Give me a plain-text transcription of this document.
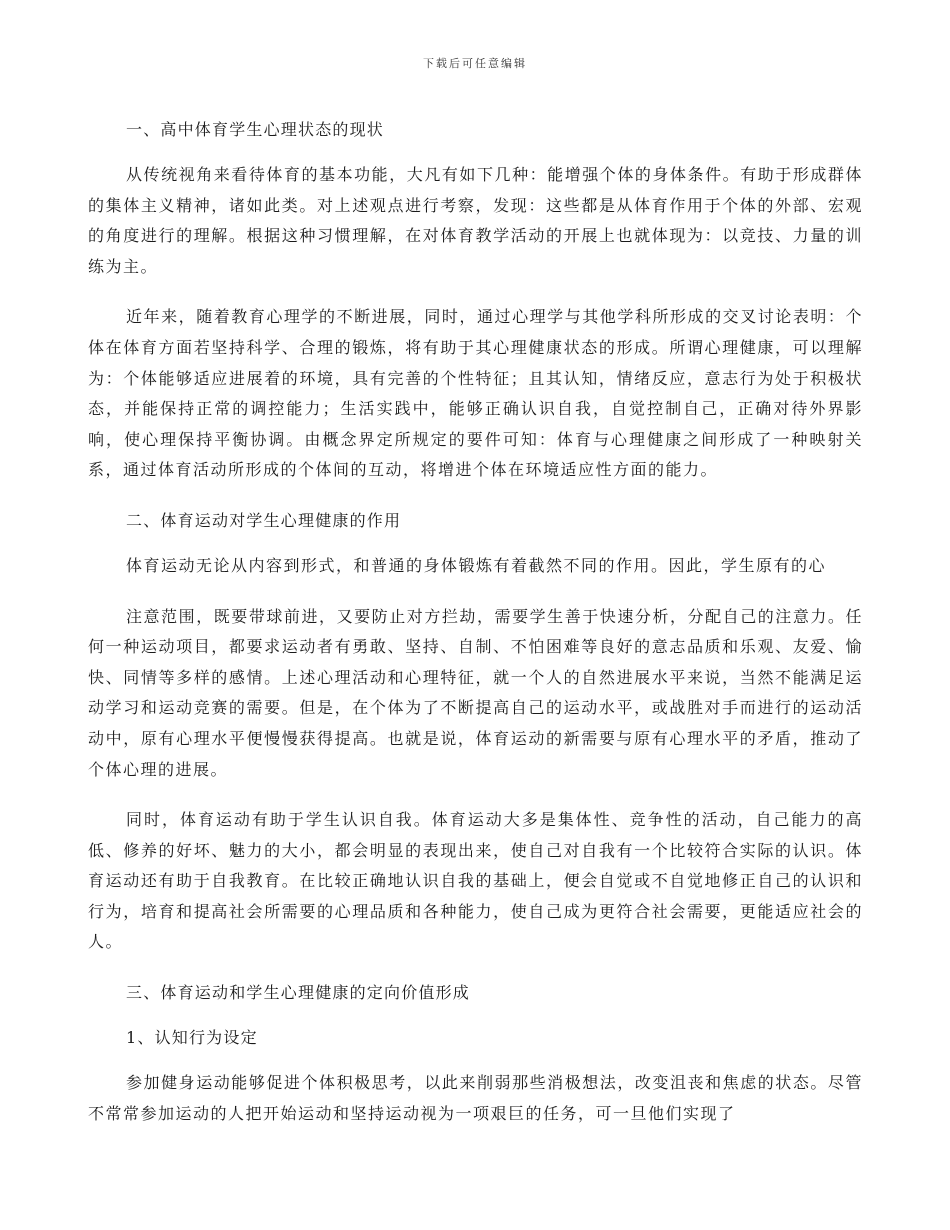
下载后可任意编辑
一、高中体育学生心理状态的现状

从传统视角来看待体育的基本功能，大凡有如下几种：能增强个体的身体条件。有助于形成群体的集体主义精神，诸如此类。对上述观点进行考察，发现：这些都是从体育作用于个体的外部、宏观的角度进行的理解。根据这种习惯理解，在对体育教学活动的开展上也就体现为：以竞技、力量的训练为主。

近年来，随着教育心理学的不断进展，同时，通过心理学与其他学科所形成的交叉讨论表明：个体在体育方面若坚持科学、合理的锻炼，将有助于其心理健康状态的形成。所谓心理健康，可以理解为：个体能够适应进展着的环境，具有完善的个性特征；且其认知，情绪反应，意志行为处于积极状态，并能保持正常的调控能力；生活实践中，能够正确认识自我，自觉控制自己，正确对待外界影响，使心理保持平衡协调。由概念界定所规定的要件可知：体育与心理健康之间形成了一种映射关系，通过体育活动所形成的个体间的互动，将增进个体在环境适应性方面的能力。

二、体育运动对学生心理健康的作用

体育运动无论从内容到形式，和普通的身体锻炼有着截然不同的作用。因此，学生原有的心

注意范围，既要带球前进，又要防止对方拦劫，需要学生善于快速分析，分配自己的注意力。任何一种运动项目，都要求运动者有勇敢、坚持、自制、不怕困难等良好的意志品质和乐观、友爱、愉快、同情等多样的感情。上述心理活动和心理特征，就一个人的自然进展水平来说，当然不能满足运动学习和运动竞赛的需要。但是，在个体为了不断提高自己的运动水平，或战胜对手而进行的运动活动中，原有心理水平便慢慢获得提高。也就是说，体育运动的新需要与原有心理水平的矛盾，推动了个体心理的进展。

同时，体育运动有助于学生认识自我。体育运动大多是集体性、竞争性的活动，自己能力的高低、修养的好坏、魅力的大小，都会明显的表现出来，使自己对自我有一个比较符合实际的认识。体育运动还有助于自我教育。在比较正确地认识自我的基础上，便会自觉或不自觉地修正自己的认识和行为，培育和提高社会所需要的心理品质和各种能力，使自己成为更符合社会需要，更能适应社会的人。

三、体育运动和学生心理健康的定向价值形成
1、认知行为设定

参加健身运动能够促进个体积极思考，以此来削弱那些消极想法，改变沮丧和焦虑的状态。尽管不常常参加运动的人把开始运动和坚持运动视为一项艰巨的任务，可一旦他们实现了
